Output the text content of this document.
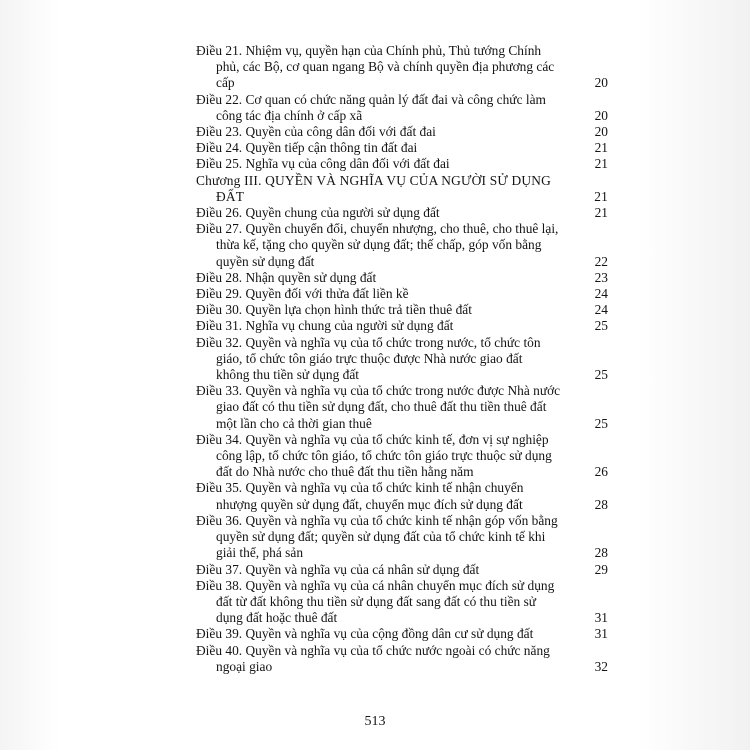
Điều 21. Nhiệm vụ, quyền hạn của Chính phủ, Thủ tướng Chính
phủ, các Bộ, cơ quan ngang Bộ và chính quyền địa phương các
cấp	20
Điều 22. Cơ quan có chức năng quản lý đất đai và công chức làm
công tác địa chính ở cấp xã	20
Điều 23. Quyền của công dân đối với đất đai	20
Điều 24. Quyền tiếp cận thông tin đất đai	21
Điều 25. Nghĩa vụ của công dân đối với đất đai	21
Chương III. QUYỀN VÀ NGHĨA VỤ CỦA NGƯỜI SỬ DỤNG
ĐẤT	21
Điều 26. Quyền chung của người sử dụng đất	21
Điều 27. Quyền chuyển đổi, chuyển nhượng, cho thuê, cho thuê lại,
thừa kế, tặng cho quyền sử dụng đất; thế chấp, góp vốn bằng
quyền sử dụng đất	22
Điều 28. Nhận quyền sử dụng đất	23
Điều 29. Quyền đối với thửa đất liền kề	24
Điều 30. Quyền lựa chọn hình thức trả tiền thuê đất	24
Điều 31. Nghĩa vụ chung của người sử dụng đất	25
Điều 32. Quyền và nghĩa vụ của tổ chức trong nước, tổ chức tôn
giáo, tổ chức tôn giáo trực thuộc được Nhà nước giao đất
không thu tiền sử dụng đất	25
Điều 33. Quyền và nghĩa vụ của tổ chức trong nước được Nhà nước
giao đất có thu tiền sử dụng đất, cho thuê đất thu tiền thuê đất
một lần cho cả thời gian thuê	25
Điều 34. Quyền và nghĩa vụ của tổ chức kinh tế, đơn vị sự nghiệp
công lập, tổ chức tôn giáo, tổ chức tôn giáo trực thuộc sử dụng
đất do Nhà nước cho thuê đất thu tiền hằng năm	26
Điều 35. Quyền và nghĩa vụ của tổ chức kinh tế nhận chuyển
nhượng quyền sử dụng đất, chuyển mục đích sử dụng đất	28
Điều 36. Quyền và nghĩa vụ của tổ chức kinh tế nhận góp vốn bằng
quyền sử dụng đất; quyền sử dụng đất của tổ chức kinh tế khi
giải thể, phá sản	28
Điều 37. Quyền và nghĩa vụ của cá nhân sử dụng đất	29
Điều 38. Quyền và nghĩa vụ của cá nhân chuyển mục đích sử dụng
đất từ đất không thu tiền sử dụng đất sang đất có thu tiền sử
dụng đất hoặc thuê đất	31
Điều 39. Quyền và nghĩa vụ của cộng đồng dân cư sử dụng đất	31
Điều 40. Quyền và nghĩa vụ của tổ chức nước ngoài có chức năng
ngoại giao	32
513
